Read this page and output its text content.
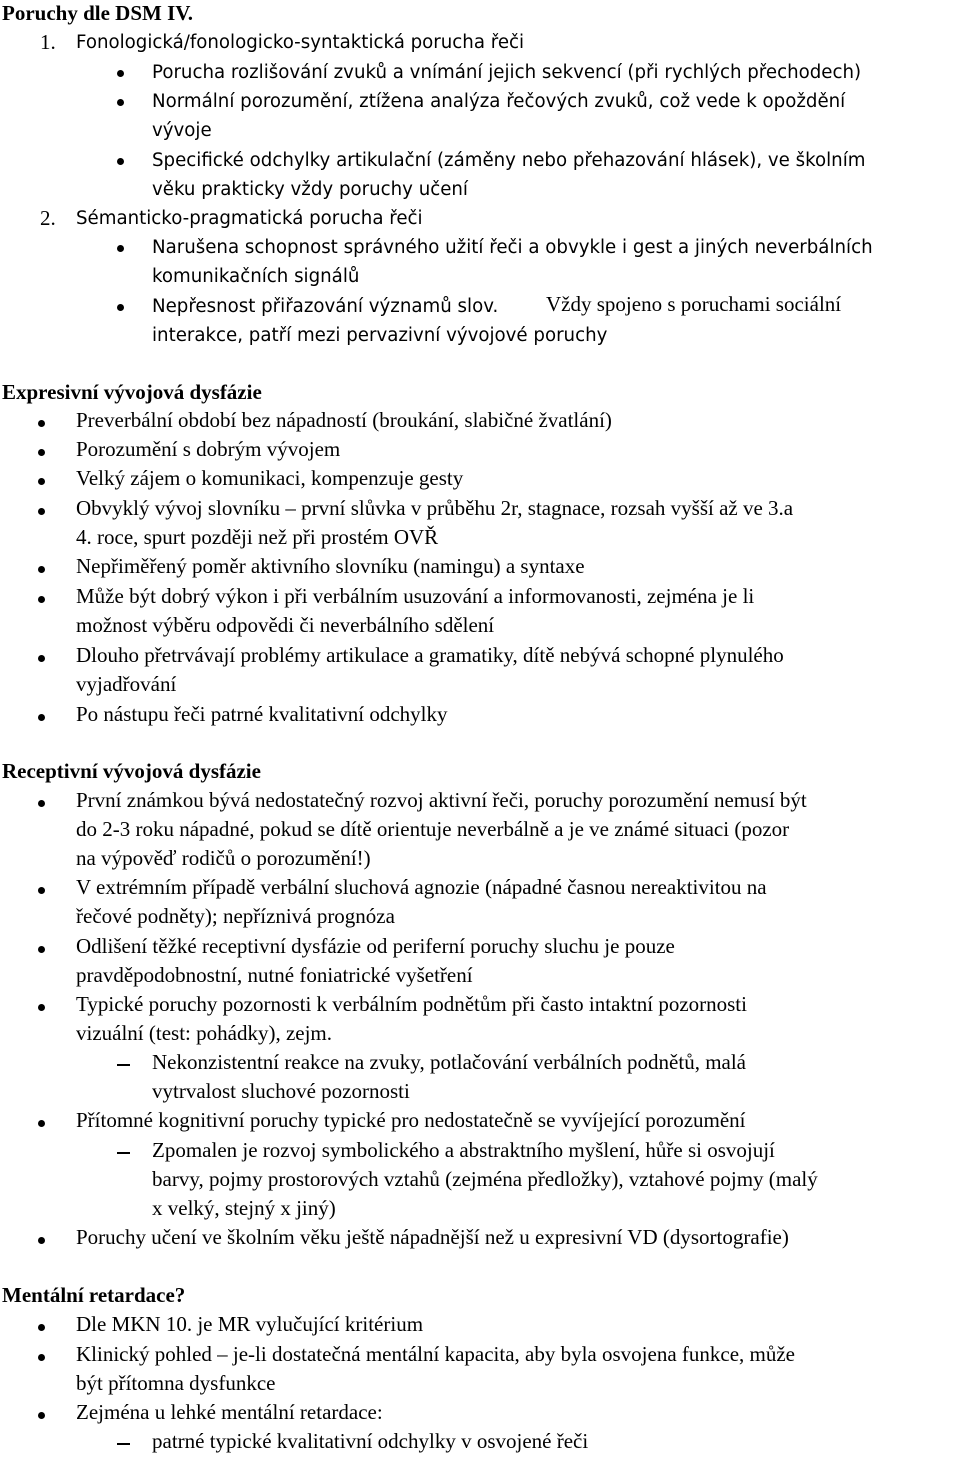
Poruchy dle DSM IV.
1. Fonologická/fonologicko-syntaktická porucha řeči
Porucha rozlišování zvuků a vnímání jejich sekvencí (při rychlých přechodech)
Normální porozumění, ztížena analýza řečových zvuků, což vede k opoždění
vývoje
Specifické odchylky artikulační (záměny nebo přehazování hlásek), ve školním
věku prakticky vždy poruchy učení
2. Sémanticko-pragmatická porucha řeči
Narušena schopnost správného užití řeči a obvykle i gest a jiných neverbálních
komunikačních signálů
Nepřesnost přiřazování významů slov. Vždy spojeno s poruchami sociální
interakce, patří mezi pervazivní vývojové poruchy
Expresivní vývojová dysfázie
Preverbální období bez nápadností (broukání, slabičné žvatlání)
Porozumění s dobrým vývojem
Velký zájem o komunikaci, kompenzuje gesty
Obvyklý vývoj slovníku – první slůvka v průběhu 2r, stagnace, rozsah vyšší až ve 3.a
4. roce, spurt později než při prostém OVŘ
Nepřiměřený poměr aktivního slovníku (namingu) a syntaxe
Může být dobrý výkon i při verbálním usuzování a informovanosti, zejména je li
možnost výběru odpovědi či neverbálního sdělení
Dlouho přetrvávají problémy artikulace a gramatiky, dítě nebývá schopné plynulého
vyjadřování
Po nástupu řeči patrné kvalitativní odchylky
Receptivní vývojová dysfázie
První známkou bývá nedostatečný rozvoj aktivní řeči, poruchy porozumění nemusí být
do 2-3 roku nápadné, pokud se dítě orientuje neverbálně a je ve známé situaci (pozor
na výpověď rodičů o porozumění!)
V extrémním případě verbální sluchová agnozie (nápadné časnou nereaktivitou na
řečové podněty); nepříznivá prognóza
Odlišení těžké receptivní dysfázie od periferní poruchy sluchu je pouze
pravděpodobnostní, nutné foniatrické vyšetření
Typické poruchy pozornosti k verbálním podnětům při často intaktní pozornosti
vizuální (test: pohádky), zejm.
Nekonzistentní reakce na zvuky, potlačování verbálních podnětů, malá
vytrvalost sluchové pozornosti
Přítomné kognitivní poruchy typické pro nedostatečně se vyvíjející porozumění
Zpomalen je rozvoj symbolického a abstraktního myšlení, hůře si osvojují
barvy, pojmy prostorových vztahů (zejména předložky), vztahové pojmy (malý
x velký, stejný x jiný)
Poruchy učení ve školním věku ještě nápadnější než u expresivní VD (dysortografie)
Mentální retardace?
Dle MKN 10. je MR vylučující kritérium
Klinický pohled – je-li dostatečná mentální kapacita, aby byla osvojena funkce, může
být přítomna dysfunkce
Zejména u lehké mentální retardace:
patrné typické kvalitativní odchylky v osvojené řeči
